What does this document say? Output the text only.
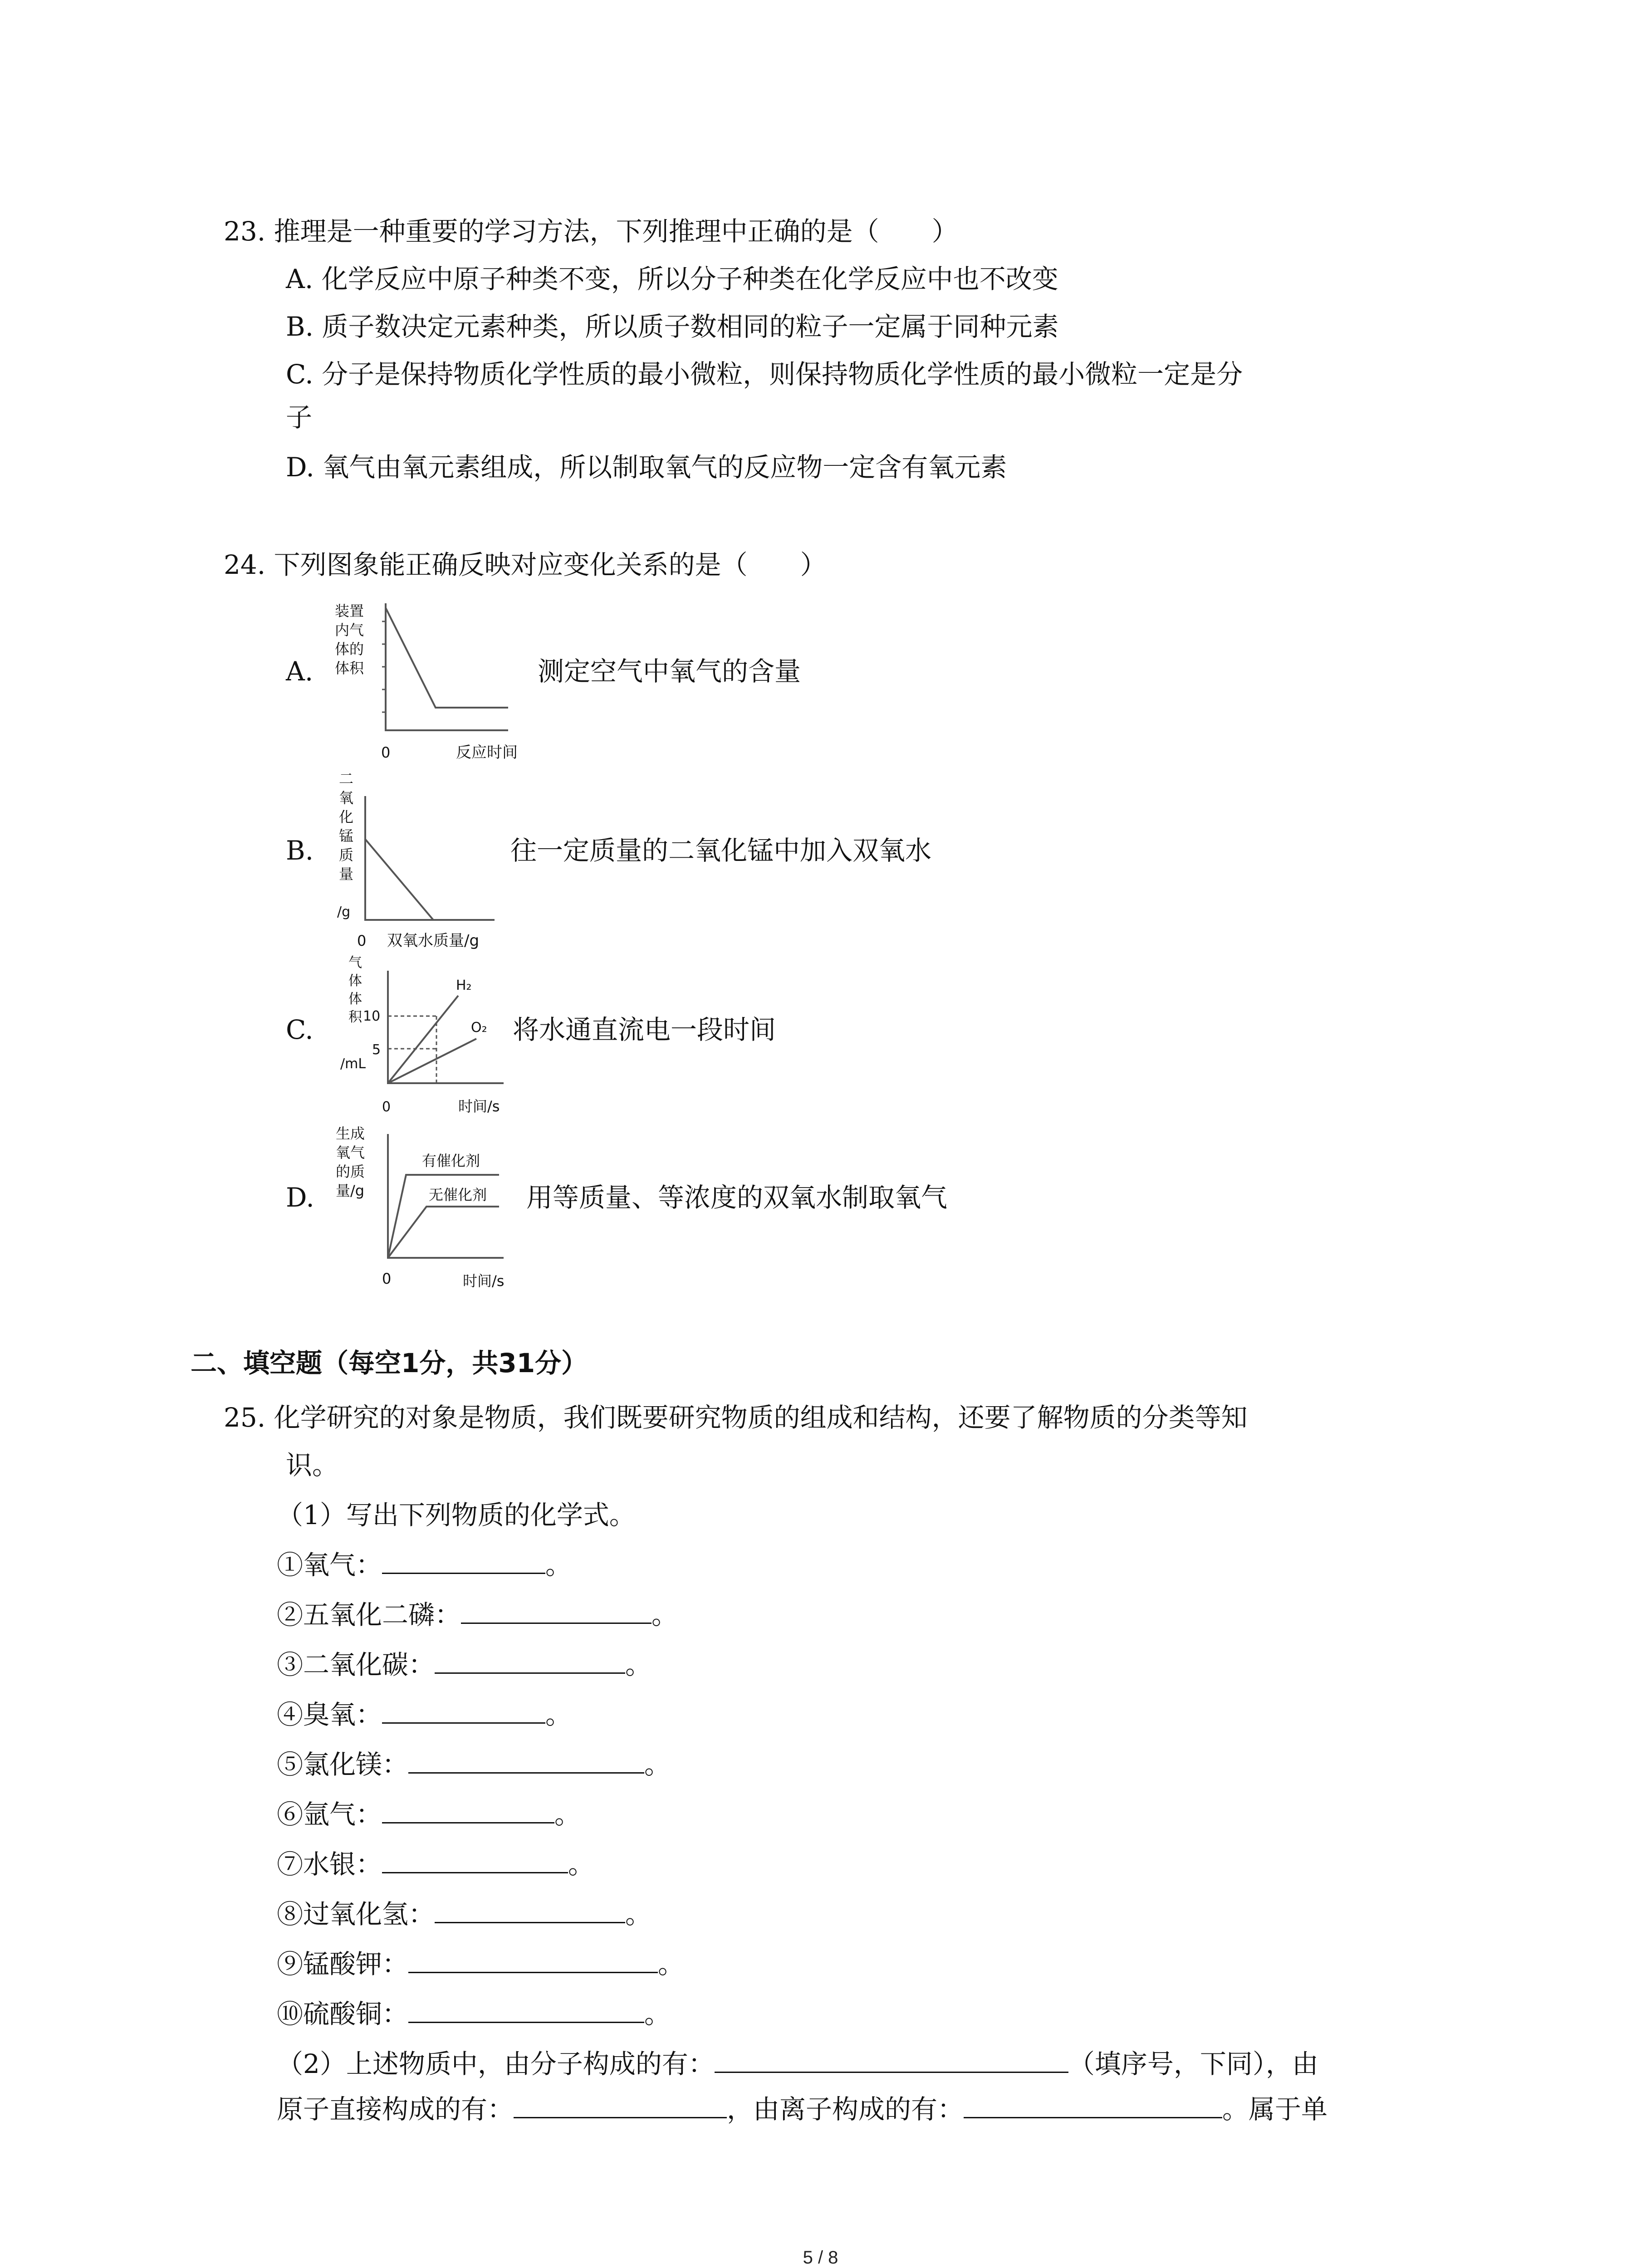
23. 推理是一种重要的学习方法，下列推理中正确的是（　　）
A. 化学反应中原子种类不变，所以分子种类在化学反应中也不改变
B. 质子数决定元素种类，所以质子数相同的粒子一定属于同种元素
C. 分子是保持物质化学性质的最小微粒，则保持物质化学性质的最小微粒一定是分
子
D. 氧气由氧元素组成，所以制取氧气的反应物一定含有氧元素
24. 下列图象能正确反映对应变化关系的是（　　）
A.
装置
内气
体的
体积
0	反应时间
测定空气中氧气的含量
B.
二
氧
化
锰
质
量
/g
0 双氧水质量/g
往一定质量的二氧化锰中加入双氧水
C.
气
体
体
积
/mL
10
5
H₂
O₂
0	时间/s
将水通直流电一段时间
D.
生成
氧气
的质
量/g
有催化剂
无催化剂
0	时间/s
用等质量、等浓度的双氧水制取氧气
二、填空题（每空1分，共31分）
25. 化学研究的对象是物质，我们既要研究物质的组成和结构，还要了解物质的分类等知
识。
（1）写出下列物质的化学式。
①氧气：	。
②五氧化二磷：	。
③二氧化碳：	。
④臭氧：	。
⑤氯化镁：	。
⑥氩气：	。
⑦水银：	。
⑧过氧化氢：	。
⑨锰酸钾：	。
⑩硫酸铜：	。
（2）上述物质中，由分子构成的有：	（填序号，下同），由
原子直接构成的有：	，由离子构成的有：	。属于单
5 / 8
